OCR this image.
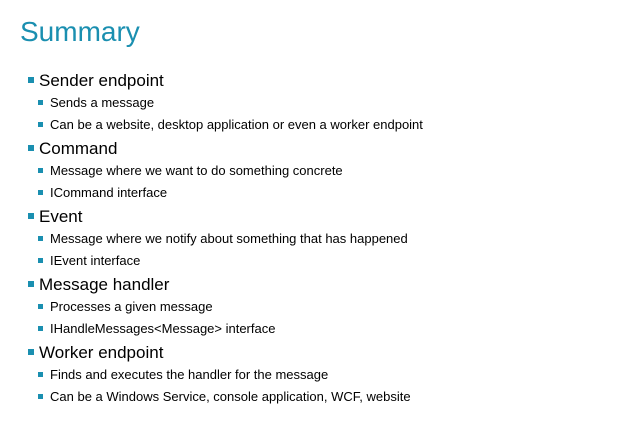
Summary
Sender endpoint
Sends a message
Can be a website, desktop application or even a worker endpoint
Command
Message where we want to do something concrete
ICommand interface
Event
Message where we notify about something that has happened
IEvent interface
Message handler
Processes a given message
IHandleMessages<Message> interface
Worker endpoint
Finds and executes the handler for the message
Can be a Windows Service, console application, WCF, website
